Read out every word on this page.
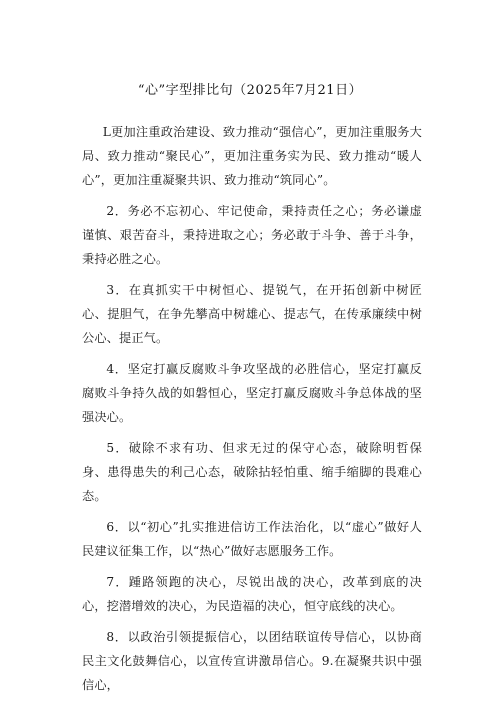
“心”字型排比句（2025年7月21日）

L更加注重政治建设、致力推动“强信心”，更加注重服务大局、致力推动“聚民心”，更加注重务实为民、致力推动“暖人心”，更加注重凝聚共识、致力推动“筑同心”。

2．务必不忘初心、牢记使命，秉持责任之心；务必谦虚谨慎、艰苦奋斗，秉持进取之心；务必敢于斗争、善于斗争，秉持必胜之心。

3．在真抓实干中树恒心、提锐气，在开拓创新中树匠心、提胆气，在争先攀高中树雄心、提志气，在传承廉续中树公心、提正气。

4．坚定打赢反腐败斗争攻坚战的必胜信心，坚定打赢反腐败斗争持久战的如磐恒心，坚定打赢反腐败斗争总体战的坚强决心。

5．破除不求有功、但求无过的保守心态，破除明哲保身、患得患失的利己心态，破除拈轻怕重、缩手缩脚的畏难心态。

6．以“初心”扎实推进信访工作法治化，以“虚心”做好人民建议征集工作，以“热心”做好志愿服务工作。

7．踵路领跑的决心，尽锐出战的决心，改革到底的决心，挖潜增效的决心，为民造福的决心，恒守底线的决心。

8．以政治引领提振信心，以团结联谊传导信心，以协商民主文化鼓舞信心，以宣传宣讲激昂信心。9.在凝聚共识中强信心，
